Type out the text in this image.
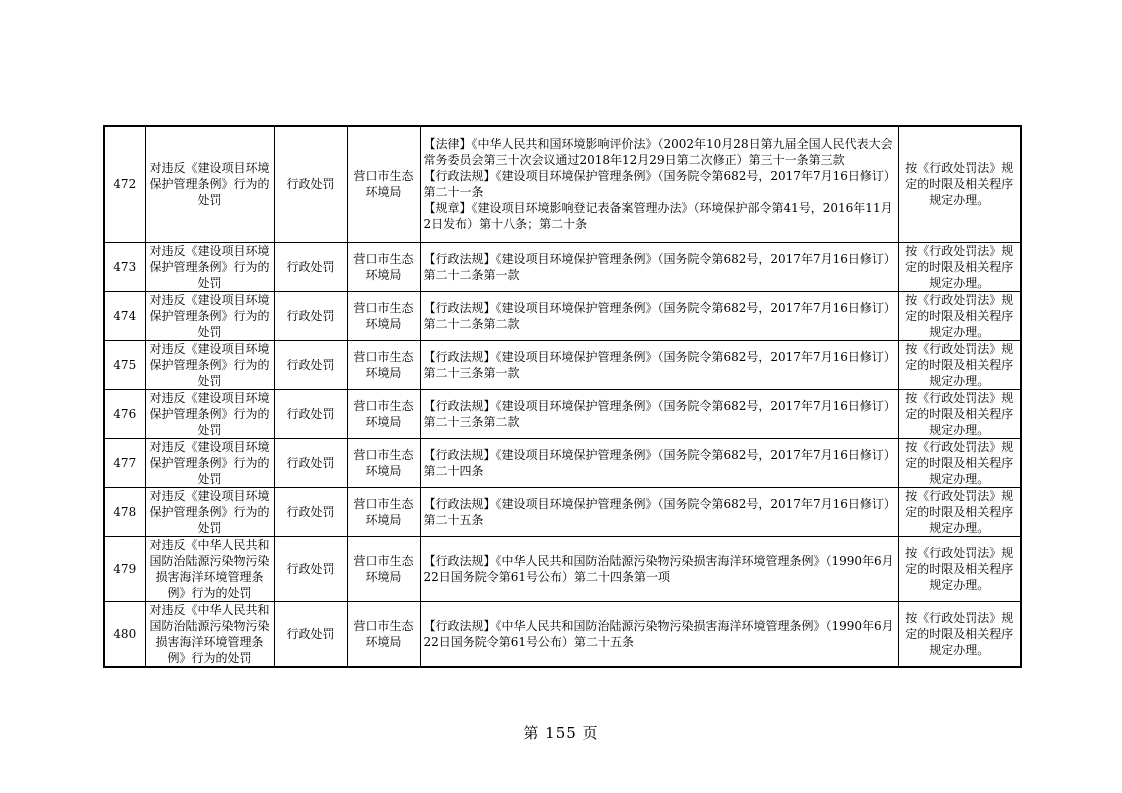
472	对违反《建设项目环境保护管理条例》行为的处罚	行政处罚	营口市生态环境局	【法律】《中华人民共和国环境影响评价法》（2002年10月28日第九届全国人民代表大会常务委员会第三十次会议通过2018年12月29日第二次修正）第三十一条第三款
【行政法规】《建设项目环境保护管理条例》（国务院令第682号，2017年7月16日修订）第二十一条
【规章】《建设项目环境影响登记表备案管理办法》（环境保护部令第41号，2016年11月2日发布）第十八条；第二十条	按《行政处罚法》规定的时限及相关程序规定办理。
473	对违反《建设项目环境保护管理条例》行为的处罚	行政处罚	营口市生态环境局	【行政法规】《建设项目环境保护管理条例》（国务院令第682号，2017年7月16日修订）第二十二条第一款	按《行政处罚法》规定的时限及相关程序规定办理。
474	对违反《建设项目环境保护管理条例》行为的处罚	行政处罚	营口市生态环境局	【行政法规】《建设项目环境保护管理条例》（国务院令第682号，2017年7月16日修订）第二十二条第二款	按《行政处罚法》规定的时限及相关程序规定办理。
475	对违反《建设项目环境保护管理条例》行为的处罚	行政处罚	营口市生态环境局	【行政法规】《建设项目环境保护管理条例》（国务院令第682号，2017年7月16日修订）第二十三条第一款	按《行政处罚法》规定的时限及相关程序规定办理。
476	对违反《建设项目环境保护管理条例》行为的处罚	行政处罚	营口市生态环境局	【行政法规】《建设项目环境保护管理条例》（国务院令第682号，2017年7月16日修订）第二十三条第二款	按《行政处罚法》规定的时限及相关程序规定办理。
477	对违反《建设项目环境保护管理条例》行为的处罚	行政处罚	营口市生态环境局	【行政法规】《建设项目环境保护管理条例》（国务院令第682号，2017年7月16日修订）第二十四条	按《行政处罚法》规定的时限及相关程序规定办理。
478	对违反《建设项目环境保护管理条例》行为的处罚	行政处罚	营口市生态环境局	【行政法规】《建设项目环境保护管理条例》（国务院令第682号，2017年7月16日修订）第二十五条	按《行政处罚法》规定的时限及相关程序规定办理。
479	对违反《中华人民共和国防治陆源污染物污染损害海洋环境管理条例》行为的处罚	行政处罚	营口市生态环境局	【行政法规】《中华人民共和国防治陆源污染物污染损害海洋环境管理条例》（1990年6月22日国务院令第61号公布）第二十四条第一项	按《行政处罚法》规定的时限及相关程序规定办理。
480	对违反《中华人民共和国防治陆源污染物污染损害海洋环境管理条例》行为的处罚	行政处罚	营口市生态环境局	【行政法规】《中华人民共和国防治陆源污染物污染损害海洋环境管理条例》（1990年6月22日国务院令第61号公布）第二十五条	按《行政处罚法》规定的时限及相关程序规定办理。
第 155 页
